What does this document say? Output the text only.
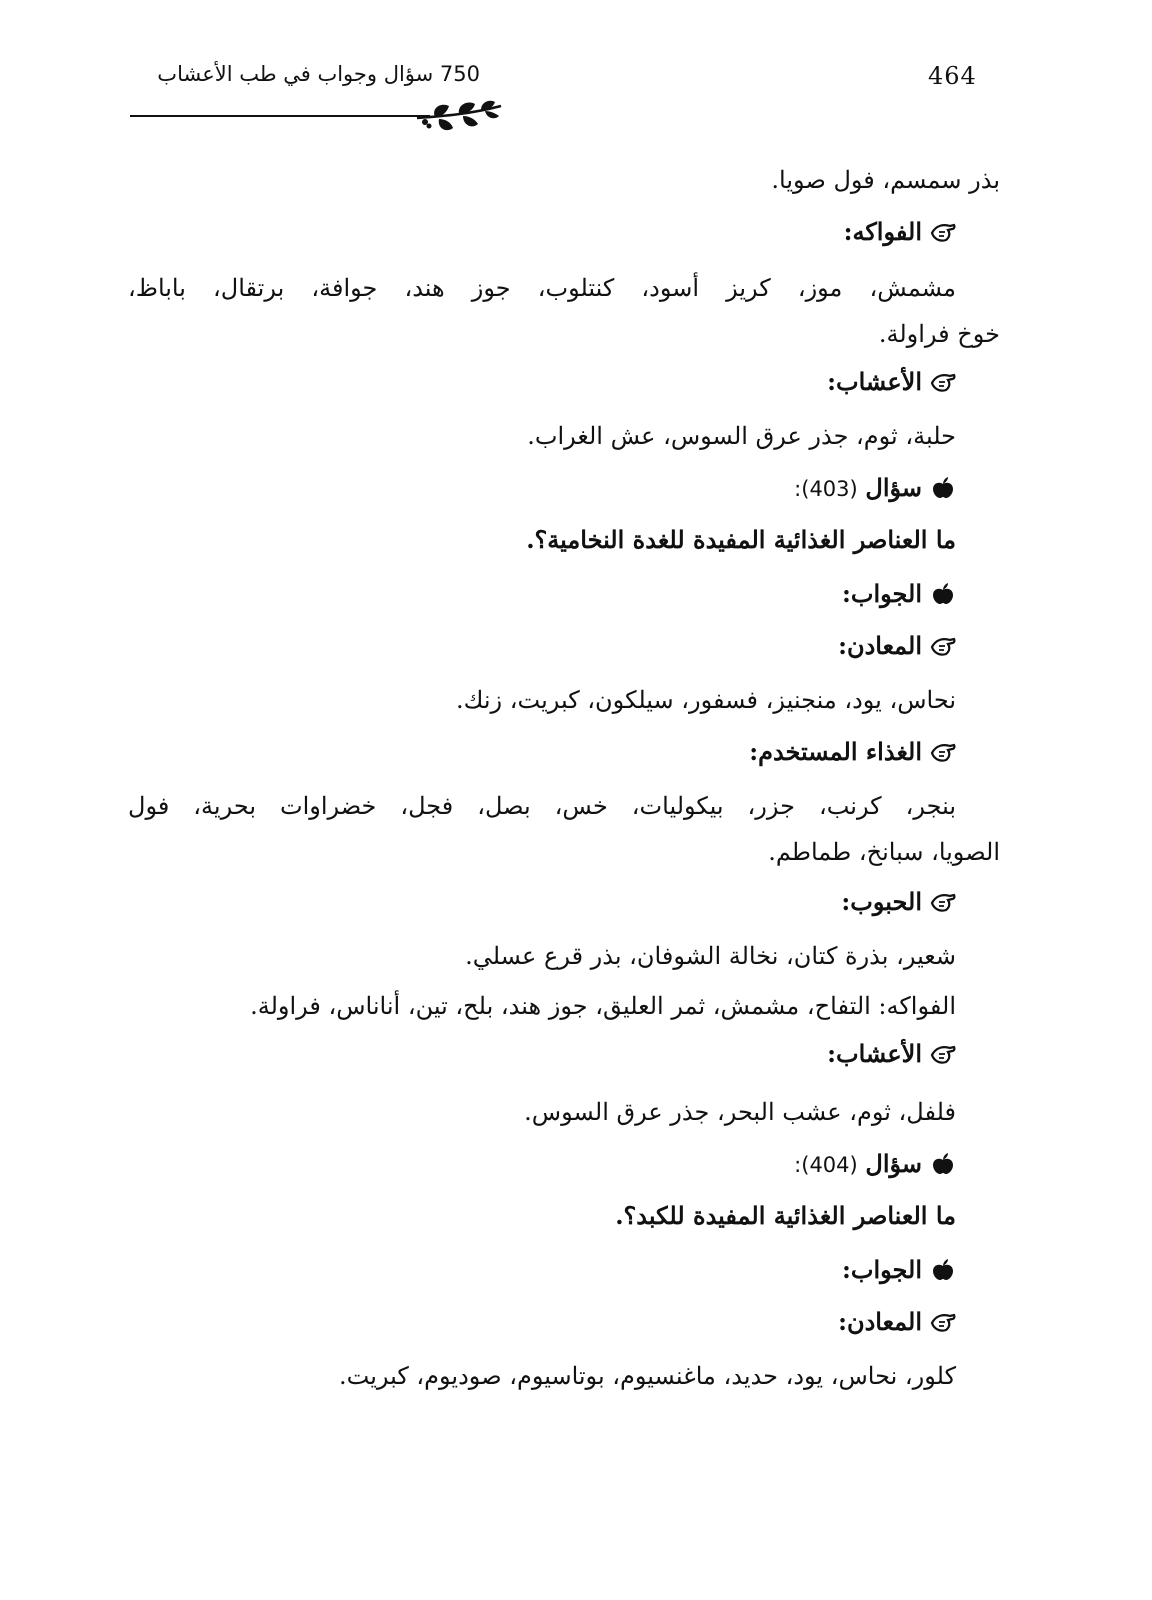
464
750 سؤال وجواب في طب الأعشاب
بذر سمسم، فول صويا.
الفواكه:
مشمش، موز، كريز أسود، كنتلوب، جوز هند، جوافة، برتقال، باباظ،
خوخ فراولة.
الأعشاب:
حلبة، ثوم، جذر عرق السوس، عش الغراب.
سؤال (403):
ما العناصر الغذائية المفيدة للغدة النخامية؟.
الجواب:
المعادن:
نحاس، يود، منجنيز، فسفور، سيلكون، كبريت، زنك.
الغذاء المستخدم:
بنجر، كرنب، جزر، بيكوليات، خس، بصل، فجل، خضراوات بحرية، فول
الصويا، سبانخ، طماطم.
الحبوب:
شعير، بذرة كتان، نخالة الشوفان، بذر قرع عسلي.
الفواكه: التفاح، مشمش، ثمر العليق، جوز هند، بلح، تين، أناناس، فراولة.
الأعشاب:
فلفل، ثوم، عشب البحر، جذر عرق السوس.
سؤال (404):
ما العناصر الغذائية المفيدة للكبد؟.
الجواب:
المعادن:
كلور، نحاس، يود، حديد، ماغنسيوم، بوتاسيوم، صوديوم، كبريت.
